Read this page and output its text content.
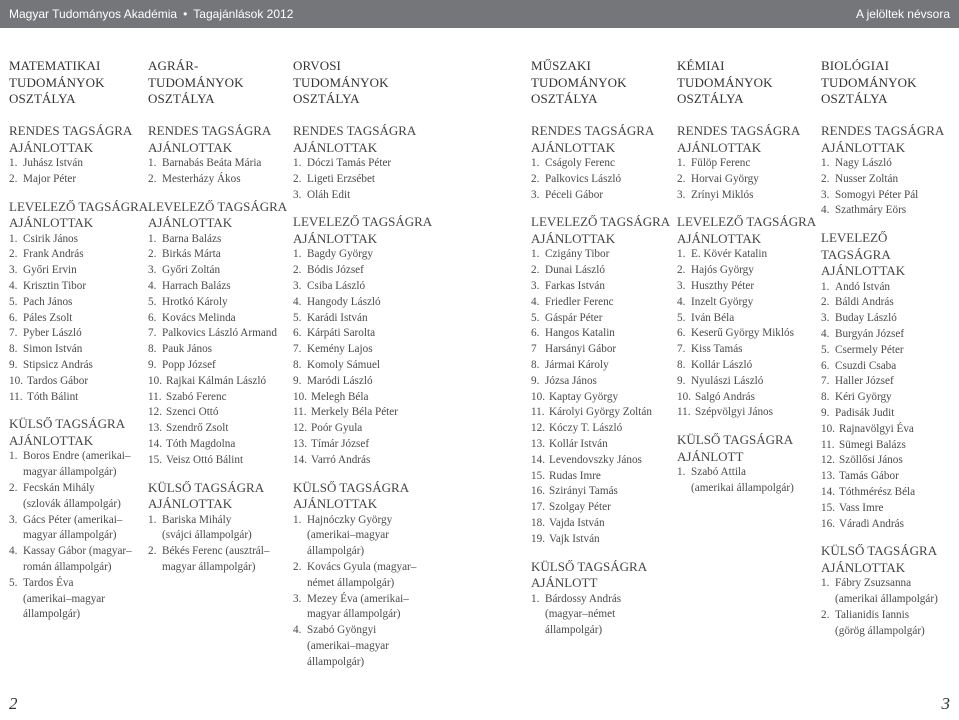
Magyar Tudományos Akadémia • Tagajánlások 2012	A jelöltek névsora
MATEMATIKAI
TUDOMÁNYOK
OSZTÁLYA
RENDES TAGSÁGRA
AJÁNLOTTAK
1. Juhász István
2. Major Péter
LEVELEZŐ TAGSÁGRA
AJÁNLOTTAK
1. Csirik János
2. Frank András
3. Győri Ervin
4. Krisztin Tibor
5. Pach János
6. Páles Zsolt
7. Pyber László
8. Simon István
9. Stipsicz András
10. Tardos Gábor
11. Tóth Bálint
KÜLSŐ TAGSÁGRA
AJÁNLOTTAK
1. Boros Endre (amerikai–
magyar állampolgár)
2. Fecskán Mihály
(szlovák állampolgár)
3. Gács Péter (amerikai–
magyar állampolgár)
4. Kassay Gábor (magyar–
román állampolgár)
5. Tardos Éva
(amerikai–magyar
állampolgár)
AGRÁR-
TUDOMÁNYOK
OSZTÁLYA
RENDES TAGSÁGRA
AJÁNLOTTAK
1. Barnabás Beáta Mária
2. Mesterházy Ákos
LEVELEZŐ TAGSÁGRA
AJÁNLOTTAK
1. Barna Balázs
2. Birkás Márta
3. Győri Zoltán
4. Harrach Balázs
5. Hrotkó Károly
6. Kovács Melinda
7. Palkovics László Armand
8. Pauk János
9. Popp József
10. Rajkai Kálmán László
11. Szabó Ferenc
12. Szenci Ottó
13. Szendrő Zsolt
14. Tóth Magdolna
15. Veisz Ottó Bálint
KÜLSŐ TAGSÁGRA
AJÁNLOTTAK
1. Bariska Mihály
(svájci állampolgár)
2. Békés Ferenc (ausztrál–
magyar állampolgár)
ORVOSI
TUDOMÁNYOK
OSZTÁLYA
RENDES TAGSÁGRA
AJÁNLOTTAK
1. Dóczi Tamás Péter
2. Ligeti Erzsébet
3. Oláh Edit
LEVELEZŐ TAGSÁGRA
AJÁNLOTTAK
1. Bagdy György
2. Bódis József
3. Csiba László
4. Hangody László
5. Karádi István
6. Kárpáti Sarolta
7. Kemény Lajos
8. Komoly Sámuel
9. Maródi László
10. Melegh Béla
11. Merkely Béla Péter
12. Poór Gyula
13. Tímár József
14. Varró András
KÜLSŐ TAGSÁGRA
AJÁNLOTTAK
1. Hajnóczky György
(amerikai–magyar
állampolgár)
2. Kovács Gyula (magyar–
német állampolgár)
3. Mezey Éva (amerikai–
magyar állampolgár)
4. Szabó Gyöngyi
(amerikai–magyar
állampolgár)
MŰSZAKI
TUDOMÁNYOK
OSZTÁLYA
RENDES TAGSÁGRA
AJÁNLOTTAK
1. Cságoly Ferenc
2. Palkovics László
3. Péceli Gábor
LEVELEZŐ TAGSÁGRA
AJÁNLOTTAK
1. Czigány Tibor
2. Dunai László
3. Farkas István
4. Friedler Ferenc
5. Gáspár Péter
6. Hangos Katalin
7 Harsányi Gábor
8. Jármai Károly
9. Józsa János
10. Kaptay György
11. Károlyi György Zoltán
12. Kóczy T. László
13. Kollár István
14. Levendovszky János
15. Rudas Imre
16. Szirányi Tamás
17. Szolgay Péter
18. Vajda István
19. Vajk István
KÜLSŐ TAGSÁGRA
AJÁNLOTT
1. Bárdossy András
(magyar–német
állampolgár)
KÉMIAI
TUDOMÁNYOK
OSZTÁLYA
RENDES TAGSÁGRA
AJÁNLOTTAK
1. Fülöp Ferenc
2. Horvai György
3. Zrínyi Miklós
LEVELEZŐ TAGSÁGRA
AJÁNLOTTAK
1. E. Kövér Katalin
2. Hajós György
3. Huszthy Péter
4. Inzelt György
5. Iván Béla
6. Keserű György Miklós
7. Kiss Tamás
8. Kollár László
9. Nyulászi László
10. Salgó András
11. Szépvölgyi János
KÜLSŐ TAGSÁGRA
AJÁNLOTT
1. Szabó Attila
(amerikai állampolgár)
BIOLÓGIAI
TUDOMÁNYOK
OSZTÁLYA
RENDES TAGSÁGRA
AJÁNLOTTAK
1. Nagy László
2. Nusser Zoltán
3. Somogyi Péter Pál
4. Szathmáry Eörs
LEVELEZŐ TAGSÁGRA
AJÁNLOTTAK
1. Andó István
2. Báldi András
3. Buday László
4. Burgyán József
5. Csermely Péter
6. Csuzdi Csaba
7. Haller József
8. Kéri György
9. Padisák Judit
10. Rajnavölgyi Éva
11. Sümegi Balázs
12. Szöllősi János
13. Tamás Gábor
14. Tóthmérész Béla
15. Vass Imre
16. Váradi András
KÜLSŐ TAGSÁGRA
AJÁNLOTTAK
1. Fábry Zsuzsanna
(amerikai állampolgár)
2. Talianidis Iannis
(görög állampolgár)
2	3
